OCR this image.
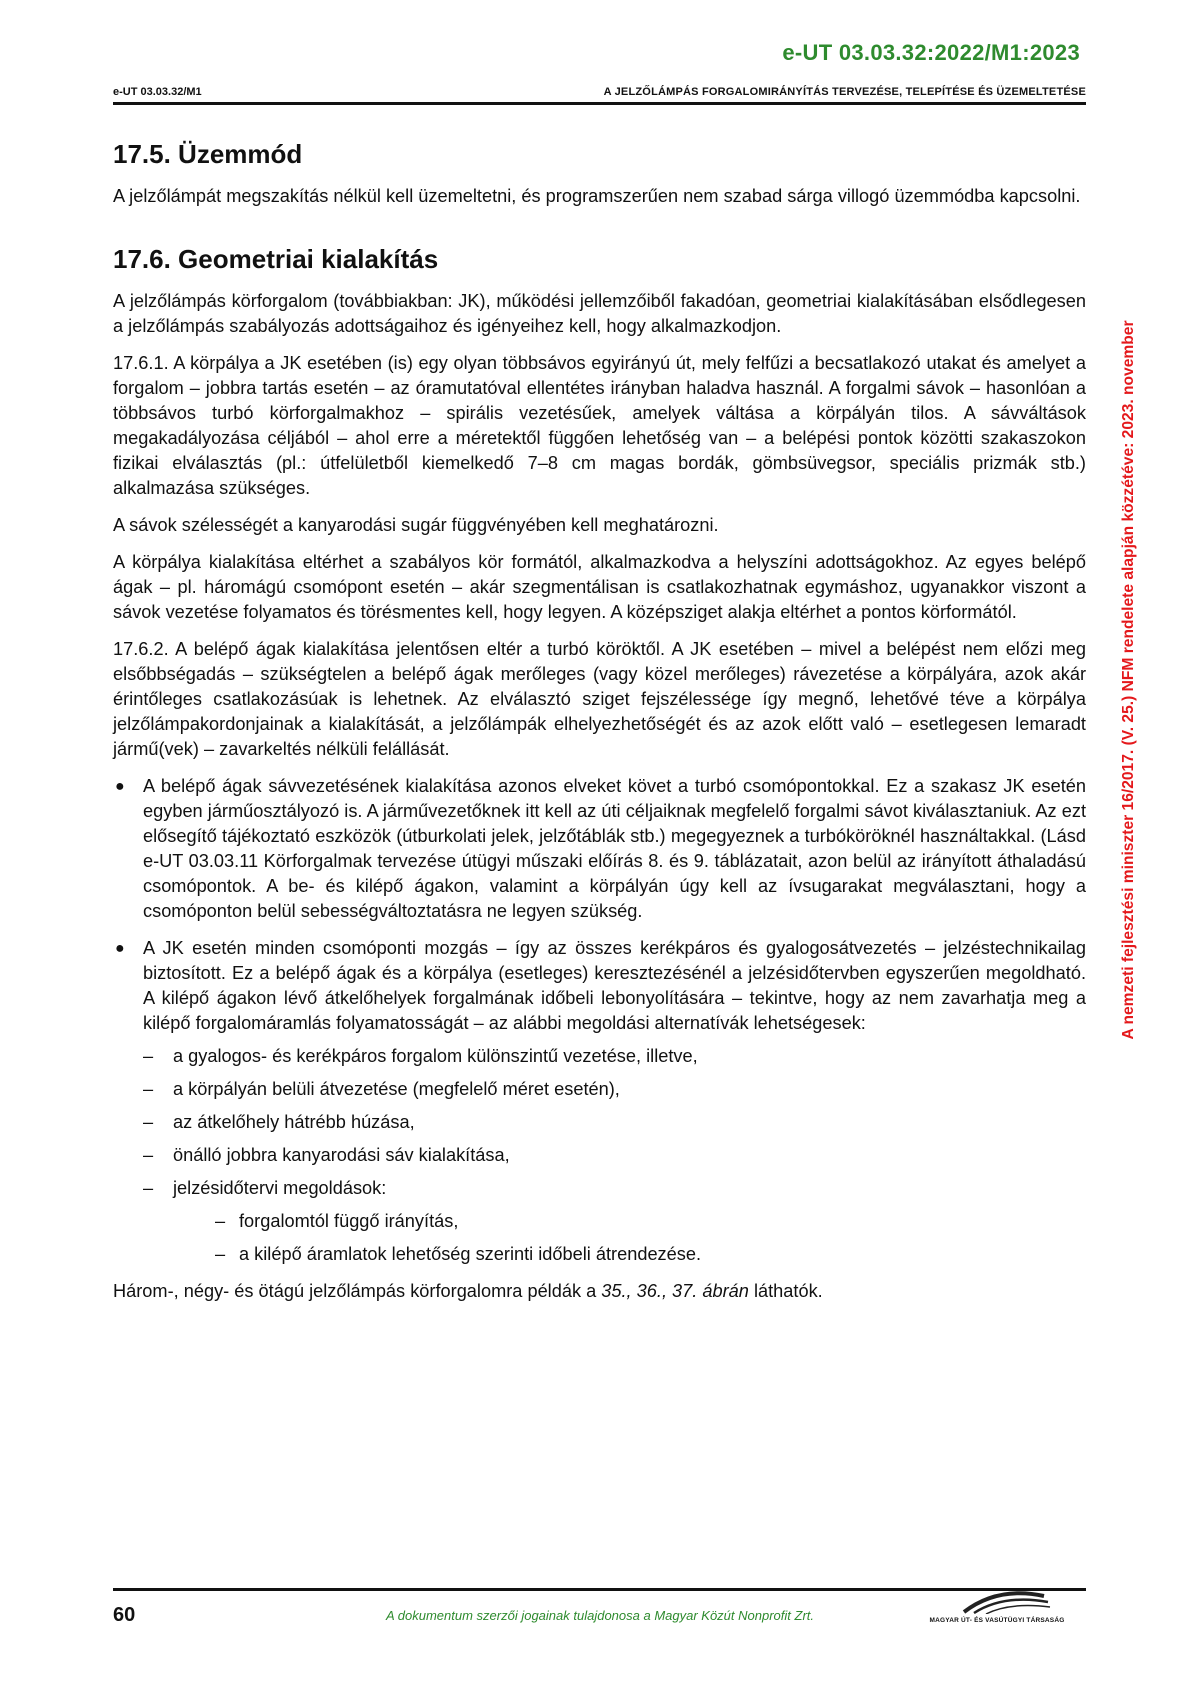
e-UT 03.03.32:2022/M1:2023
e-UT 03.03.32/M1	A JELZŐLÁMPÁS FORGALOMIRÁNYÍTÁS TERVEZÉSE, TELEPÍTÉSE ÉS ÜZEMELTETÉSE
A nemzeti fejlesztési miniszter 16/2017. (V. 25.) NFM rendelete alapján közzétéve: 2023. november
17.5. Üzemmód

A jelzőlámpát megszakítás nélkül kell üzemeltetni, és programszerűen nem szabad sárga villogó üzemmódba kapcsolni.

17.6. Geometriai kialakítás

A jelzőlámpás körforgalom (továbbiakban: JK), működési jellemzőiből fakadóan, geometriai kialakításában elsődlegesen a jelzőlámpás szabályozás adottságaihoz és igényeihez kell, hogy alkalmazkodjon.

17.6.1. A körpálya a JK esetében (is) egy olyan többsávos egyirányú út, mely felfűzi a becsatlakozó utakat és amelyet a forgalom – jobbra tartás esetén – az óramutatóval ellentétes irányban haladva használ. A forgalmi sávok – hasonlóan a többsávos turbó körforgalmakhoz – spirális vezetésűek, amelyek váltása a körpályán tilos. A sávváltások megakadályozása céljából – ahol erre a méretektől függően lehetőség van – a belépési pontok közötti szakaszokon fizikai elválasztás (pl.: útfelületből kiemelkedő 7–8 cm magas bordák, gömbsüvegsor, speciális prizmák stb.) alkalmazása szükséges.

A sávok szélességét a kanyarodási sugár függvényében kell meghatározni.

A körpálya kialakítása eltérhet a szabályos kör formától, alkalmazkodva a helyszíni adottságokhoz. Az egyes belépő ágak – pl. háromágú csomópont esetén – akár szegmentálisan is csatlakozhatnak egymáshoz, ugyanakkor viszont a sávok vezetése folyamatos és törésmentes kell, hogy legyen. A középsziget alakja eltérhet a pontos körformától.

17.6.2. A belépő ágak kialakítása jelentősen eltér a turbó köröktől. A JK esetében – mivel a belépést nem előzi meg elsőbbségadás – szükségtelen a belépő ágak merőleges (vagy közel merőleges) rávezetése a körpályára, azok akár érintőleges csatlakozásúak is lehetnek. Az elválasztó sziget fejszélessége így megnő, lehetővé téve a körpálya jelzőlámpakordonjainak a kialakítását, a jelzőlámpák elhelyezhetőségét és az azok előtt való – esetlegesen lemaradt jármű(vek) – zavarkeltés nélküli felállását.

● A belépő ágak sávvezetésének kialakítása azonos elveket követ a turbó csomópontokkal. Ez a szakasz JK esetén egyben járműosztályozó is. A járművezetőknek itt kell az úti céljaiknak megfelelő forgalmi sávot kiválasztaniuk. Az ezt elősegítő tájékoztató eszközök (útburkolati jelek, jelzőtáblák stb.) megegyeznek a turbóköröknél használtakkal. (Lásd e-UT 03.03.11 Körforgalmak tervezése útügyi műszaki előírás 8. és 9. táblázatait, azon belül az irányított áthaladású csomópontok. A be- és kilépő ágakon, valamint a körpályán úgy kell az ívsugarakat megválasztani, hogy a csomóponton belül sebességváltoztatásra ne legyen szükség.
● A JK esetén minden csomóponti mozgás – így az összes kerékpáros és gyalogosátvezetés – jelzéstechnikailag biztosított. Ez a belépő ágak és a körpálya (esetleges) keresztezésénél a jelzésidőtervben egyszerűen megoldható. A kilépő ágakon lévő átkelőhelyek forgalmának időbeli lebonyolítására – tekintve, hogy az nem zavarhatja meg a kilépő forgalomáramlás folyamatosságát – az alábbi megoldási alternatívák lehetségesek:
– a gyalogos- és kerékpáros forgalom különszintű vezetése, illetve,
– a körpályán belüli átvezetése (megfelelő méret esetén),
– az átkelőhely hátrébb húzása,
– önálló jobbra kanyarodási sáv kialakítása,
– jelzésidőtervi megoldások:
– forgalomtól függő irányítás,
– a kilépő áramlatok lehetőség szerinti időbeli átrendezése.

Három-, négy- és ötágú jelzőlámpás körforgalomra példák a 35., 36., 37. ábrán láthatók.

60	A dokumentum szerzői jogainak tulajdonosa a Magyar Közút Nonprofit Zrt.	MAGYAR ÚT- ÉS VASÚTÜGYI TÁRSASÁG
